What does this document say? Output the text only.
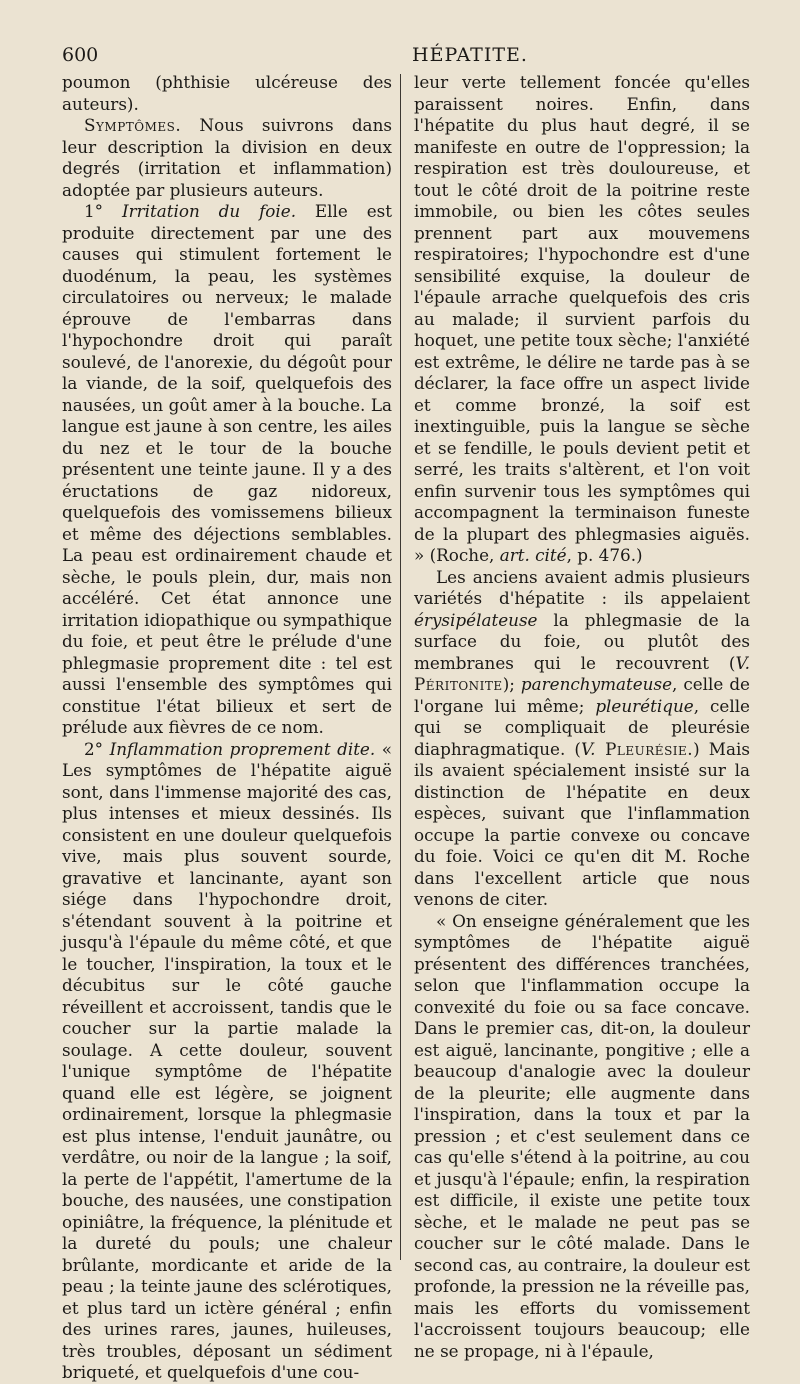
600	HÉPATITE.

poumon (phthisie ulcéreuse des auteurs).

Symptômes. Nous suivrons dans leur description la division en deux degrés (irritation et inflammation) adoptée par plusieurs auteurs.

1° Irritation du foie. Elle est produite directement par une des causes qui stimulent fortement le duodénum, la peau, les systèmes circulatoires ou nerveux; le malade éprouve de l'embarras dans l'hypochondre droit qui paraît soulevé, de l'anorexie, du dégoût pour la viande, de la soif, quelquefois des nausées, un goût amer à la bouche. La langue est jaune à son centre, les ailes du nez et le tour de la bouche présentent une teinte jaune. Il y a des éructations de gaz nidoreux, quelquefois des vomissemens bilieux et même des déjections semblables. La peau est ordinairement chaude et sèche, le pouls plein, dur, mais non accéléré. Cet état annonce une irritation idiopathique ou sympathique du foie, et peut être le prélude d'une phlegmasie proprement dite : tel est aussi l'ensemble des symptômes qui constitue l'état bilieux et sert de prélude aux fièvres de ce nom.

2° Inflammation proprement dite. « Les symptômes de l'hépatite aiguë sont, dans l'immense majorité des cas, plus intenses et mieux dessinés. Ils consistent en une douleur quelquefois vive, mais plus souvent sourde, gravative et lancinante, ayant son siége dans l'hypochondre droit, s'étendant souvent à la poitrine et jusqu'à l'épaule du même côté, et que le toucher, l'inspiration, la toux et le décubitus sur le côté gauche réveillent et accroissent, tandis que le coucher sur la partie malade la soulage. A cette douleur, souvent l'unique symptôme de l'hépatite quand elle est légère, se joignent ordinairement, lorsque la phlegmasie est plus intense, l'enduit jaunâtre, ou verdâtre, ou noir de la langue ; la soif, la perte de l'appétit, l'amertume de la bouche, des nausées, une constipation opiniâtre, la fréquence, la plénitude et la dureté du pouls; une chaleur brûlante, mordicante et aride de la peau ; la teinte jaune des sclérotiques, et plus tard un ictère général ; enfin des urines rares, jaunes, huileuses, très troubles, déposant un sédiment briqueté, et quelquefois d'une cou-

leur verte tellement foncée qu'elles paraissent noires. Enfin, dans l'hépatite du plus haut degré, il se manifeste en outre de l'oppression; la respiration est très douloureuse, et tout le côté droit de la poitrine reste immobile, ou bien les côtes seules prennent part aux mouvemens respiratoires; l'hypochondre est d'une sensibilité exquise, la douleur de l'épaule arrache quelquefois des cris au malade; il survient parfois du hoquet, une petite toux sèche; l'anxiété est extrême, le délire ne tarde pas à se déclarer, la face offre un aspect livide et comme bronzé, la soif est inextinguible, puis la langue se sèche et se fendille, le pouls devient petit et serré, les traits s'altèrent, et l'on voit enfin survenir tous les symptômes qui accompagnent la terminaison funeste de la plupart des phlegmasies aiguës. » (Roche, art. cité, p. 476.)

Les anciens avaient admis plusieurs variétés d'hépatite : ils appelaient érysipélateuse la phlegmasie de la surface du foie, ou plutôt des membranes qui le recouvrent (V. Péritonite); parenchymateuse, celle de l'organe lui même; pleurétique, celle qui se compliquait de pleurésie diaphragmatique. (V. Pleurésie.) Mais ils avaient spécialement insisté sur la distinction de l'hépatite en deux espèces, suivant que l'inflammation occupe la partie convexe ou concave du foie. Voici ce qu'en dit M. Roche dans l'excellent article que nous venons de citer.

« On enseigne généralement que les symptômes de l'hépatite aiguë présentent des différences tranchées, selon que l'inflammation occupe la convexité du foie ou sa face concave. Dans le premier cas, dit-on, la douleur est aiguë, lancinante, pongitive ; elle a beaucoup d'analogie avec la douleur de la pleurite; elle augmente dans l'inspiration, dans la toux et par la pression ; et c'est seulement dans ce cas qu'elle s'étend à la poitrine, au cou et jusqu'à l'épaule; enfin, la respiration est difficile, il existe une petite toux sèche, et le malade ne peut pas se coucher sur le côté malade. Dans le second cas, au contraire, la douleur est profonde, la pression ne la réveille pas, mais les efforts du vomissement l'accroissent toujours beaucoup; elle ne se propage, ni à l'épaule,
